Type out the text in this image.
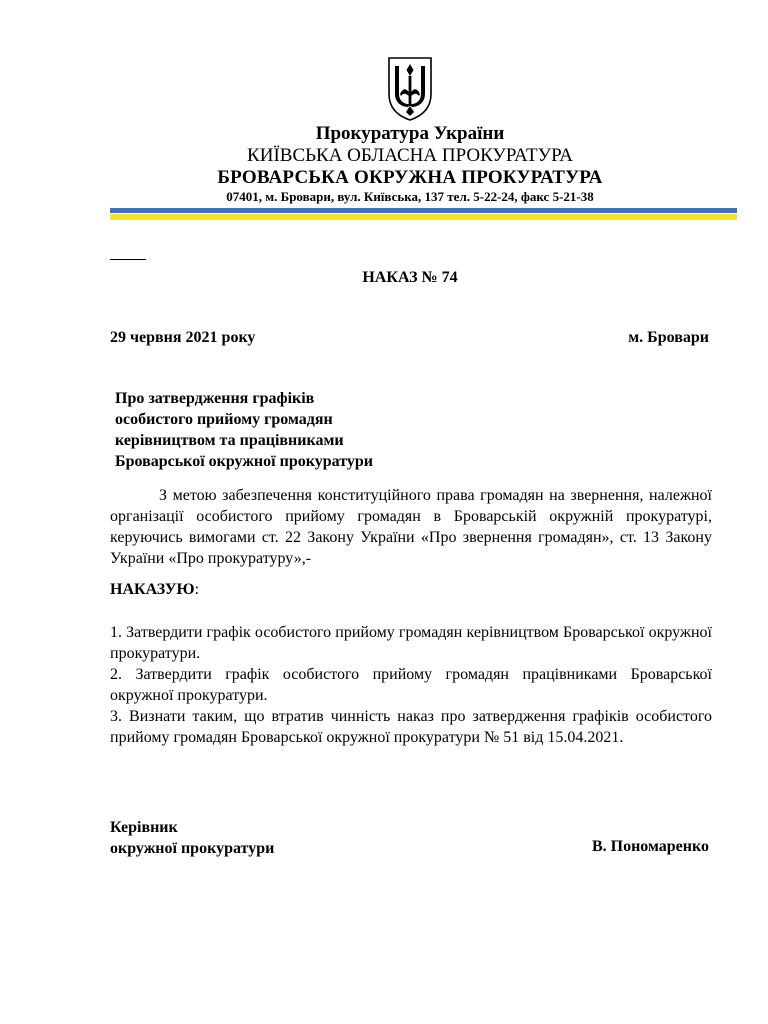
Прокуратура України
КИЇВСЬКА ОБЛАСНА ПРОКУРАТУРА
БРОВАРСЬКА ОКРУЖНА ПРОКУРАТУРА
07401, м. Бровари, вул. Київська, 137 тел. 5-22-24, факс 5-21-38
НАКАЗ № 74
29 червня 2021 року	м. Бровари
Про затвердження графіків
особистого прийому громадян
керівництвом та працівниками
Броварської окружної прокуратури
З метою забезпечення конституційного права громадян на звернення, належної організації особистого прийому громадян в Броварській окружній прокуратурі, керуючись вимогами ст. 22 Закону України «Про звернення громадян», ст. 13 Закону України «Про прокуратуру»,-
НАКАЗУЮ:

1. Затвердити графік особистого прийому громадян керівництвом Броварської окружної прокуратури.

2. Затвердити графік особистого прийому громадян працівниками Броварської окружної прокуратури.

3. Визнати таким, що втратив чинність наказ про затвердження графіків особистого прийому громадян Броварської окружної прокуратури № 51 від 15.04.2021.

Керівник
окружної прокуратури	В. Пономаренко
